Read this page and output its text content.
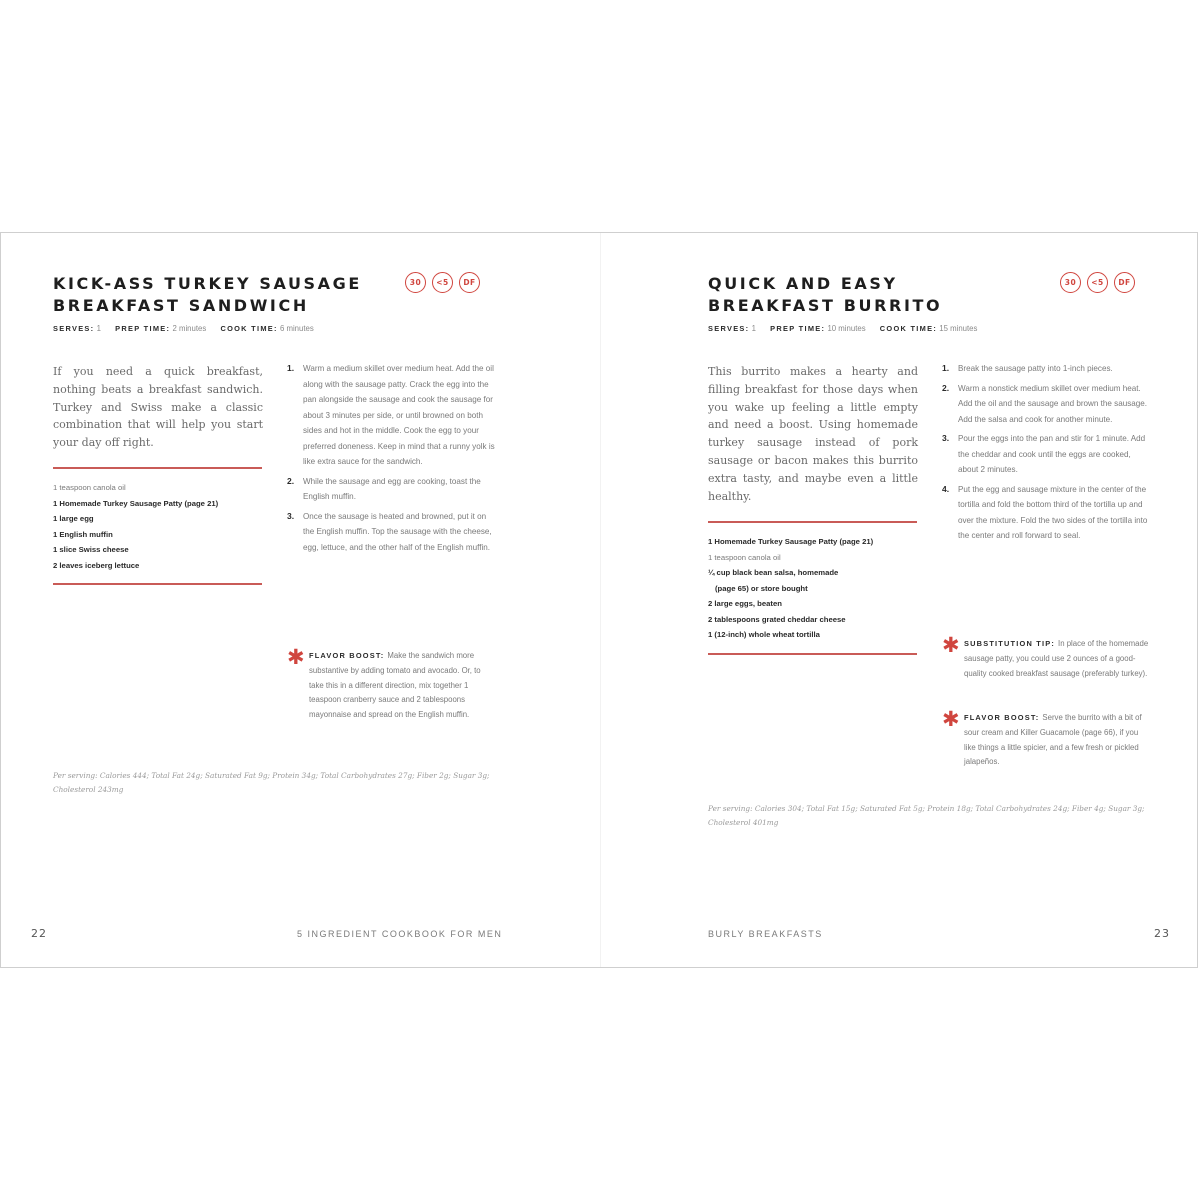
KICK-ASS TURKEY SAUSAGE
BREAKFAST SANDWICH
30	<5	DF
SERVES: 1 PREP TIME: 2 minutes COOK TIME: 6 minutes

If you need a quick breakfast, nothing beats a breakfast sandwich. Turkey and Swiss make a classic combination that will help you start your day off right.

1 teaspoon canola oil
1 Homemade Turkey Sausage Patty (page 21)
1 large egg
1 English muffin
1 slice Swiss cheese
2 leaves iceberg lettuce
1. Warm a medium skillet over medium heat. Add the oil along with the sausage patty. Crack the egg into the pan alongside the sausage and cook the sausage for about 3 minutes per side, or until browned on both sides and hot in the middle. Cook the egg to your preferred doneness. Keep in mind that a runny yolk is like extra sauce for the sandwich.
2. While the sausage and egg are cooking, toast the English muffin.
3. Once the sausage is heated and browned, put it on the English muffin. Top the sausage with the cheese, egg, lettuce, and the other half of the English muffin.
✱ FLAVOR BOOST: Make the sandwich more substantive by adding tomato and avocado. Or, to take this in a different direction, mix together 1 teaspoon cranberry sauce and 2 tablespoons mayonnaise and spread on the English muffin.

Per serving: Calories 444; Total Fat 24g; Saturated Fat 9g; Protein 34g; Total Carbohydrates 27g; Fiber 2g; Sugar 3g; Cholesterol 243mg

22	5 INGREDIENT COOKBOOK FOR MEN
QUICK AND EASY
BREAKFAST BURRITO
30	<5	DF
SERVES: 1 PREP TIME: 10 minutes COOK TIME: 15 minutes

This burrito makes a hearty and filling breakfast for those days when you wake up feeling a little empty and need a boost. Using homemade turkey sausage instead of pork sausage or bacon makes this burrito extra tasty, and maybe even a little healthy.

1 Homemade Turkey Sausage Patty (page 21)
1 teaspoon canola oil
¼ cup black bean salsa, homemade
(page 65) or store bought
2 large eggs, beaten
2 tablespoons grated cheddar cheese
1 (12-inch) whole wheat tortilla
1. Break the sausage patty into 1-inch pieces.
2. Warm a nonstick medium skillet over medium heat. Add the oil and the sausage and brown the sausage. Add the salsa and cook for another minute.
3. Pour the eggs into the pan and stir for 1 minute. Add the cheddar and cook until the eggs are cooked, about 2 minutes.
4. Put the egg and sausage mixture in the center of the tortilla and fold the bottom third of the tortilla up and over the mixture. Fold the two sides of the tortilla into the center and roll forward to seal.
✱ SUBSTITUTION TIP: In place of the homemade sausage patty, you could use 2 ounces of a good-quality cooked breakfast sausage (preferably turkey).
✱ FLAVOR BOOST: Serve the burrito with a bit of sour cream and Killer Guacamole (page 66), if you like things a little spicier, and a few fresh or pickled jalapeños.

Per serving: Calories 304; Total Fat 15g; Saturated Fat 5g; Protein 18g; Total Carbohydrates 24g; Fiber 4g; Sugar 3g; Cholesterol 401mg

BURLY BREAKFASTS	23
